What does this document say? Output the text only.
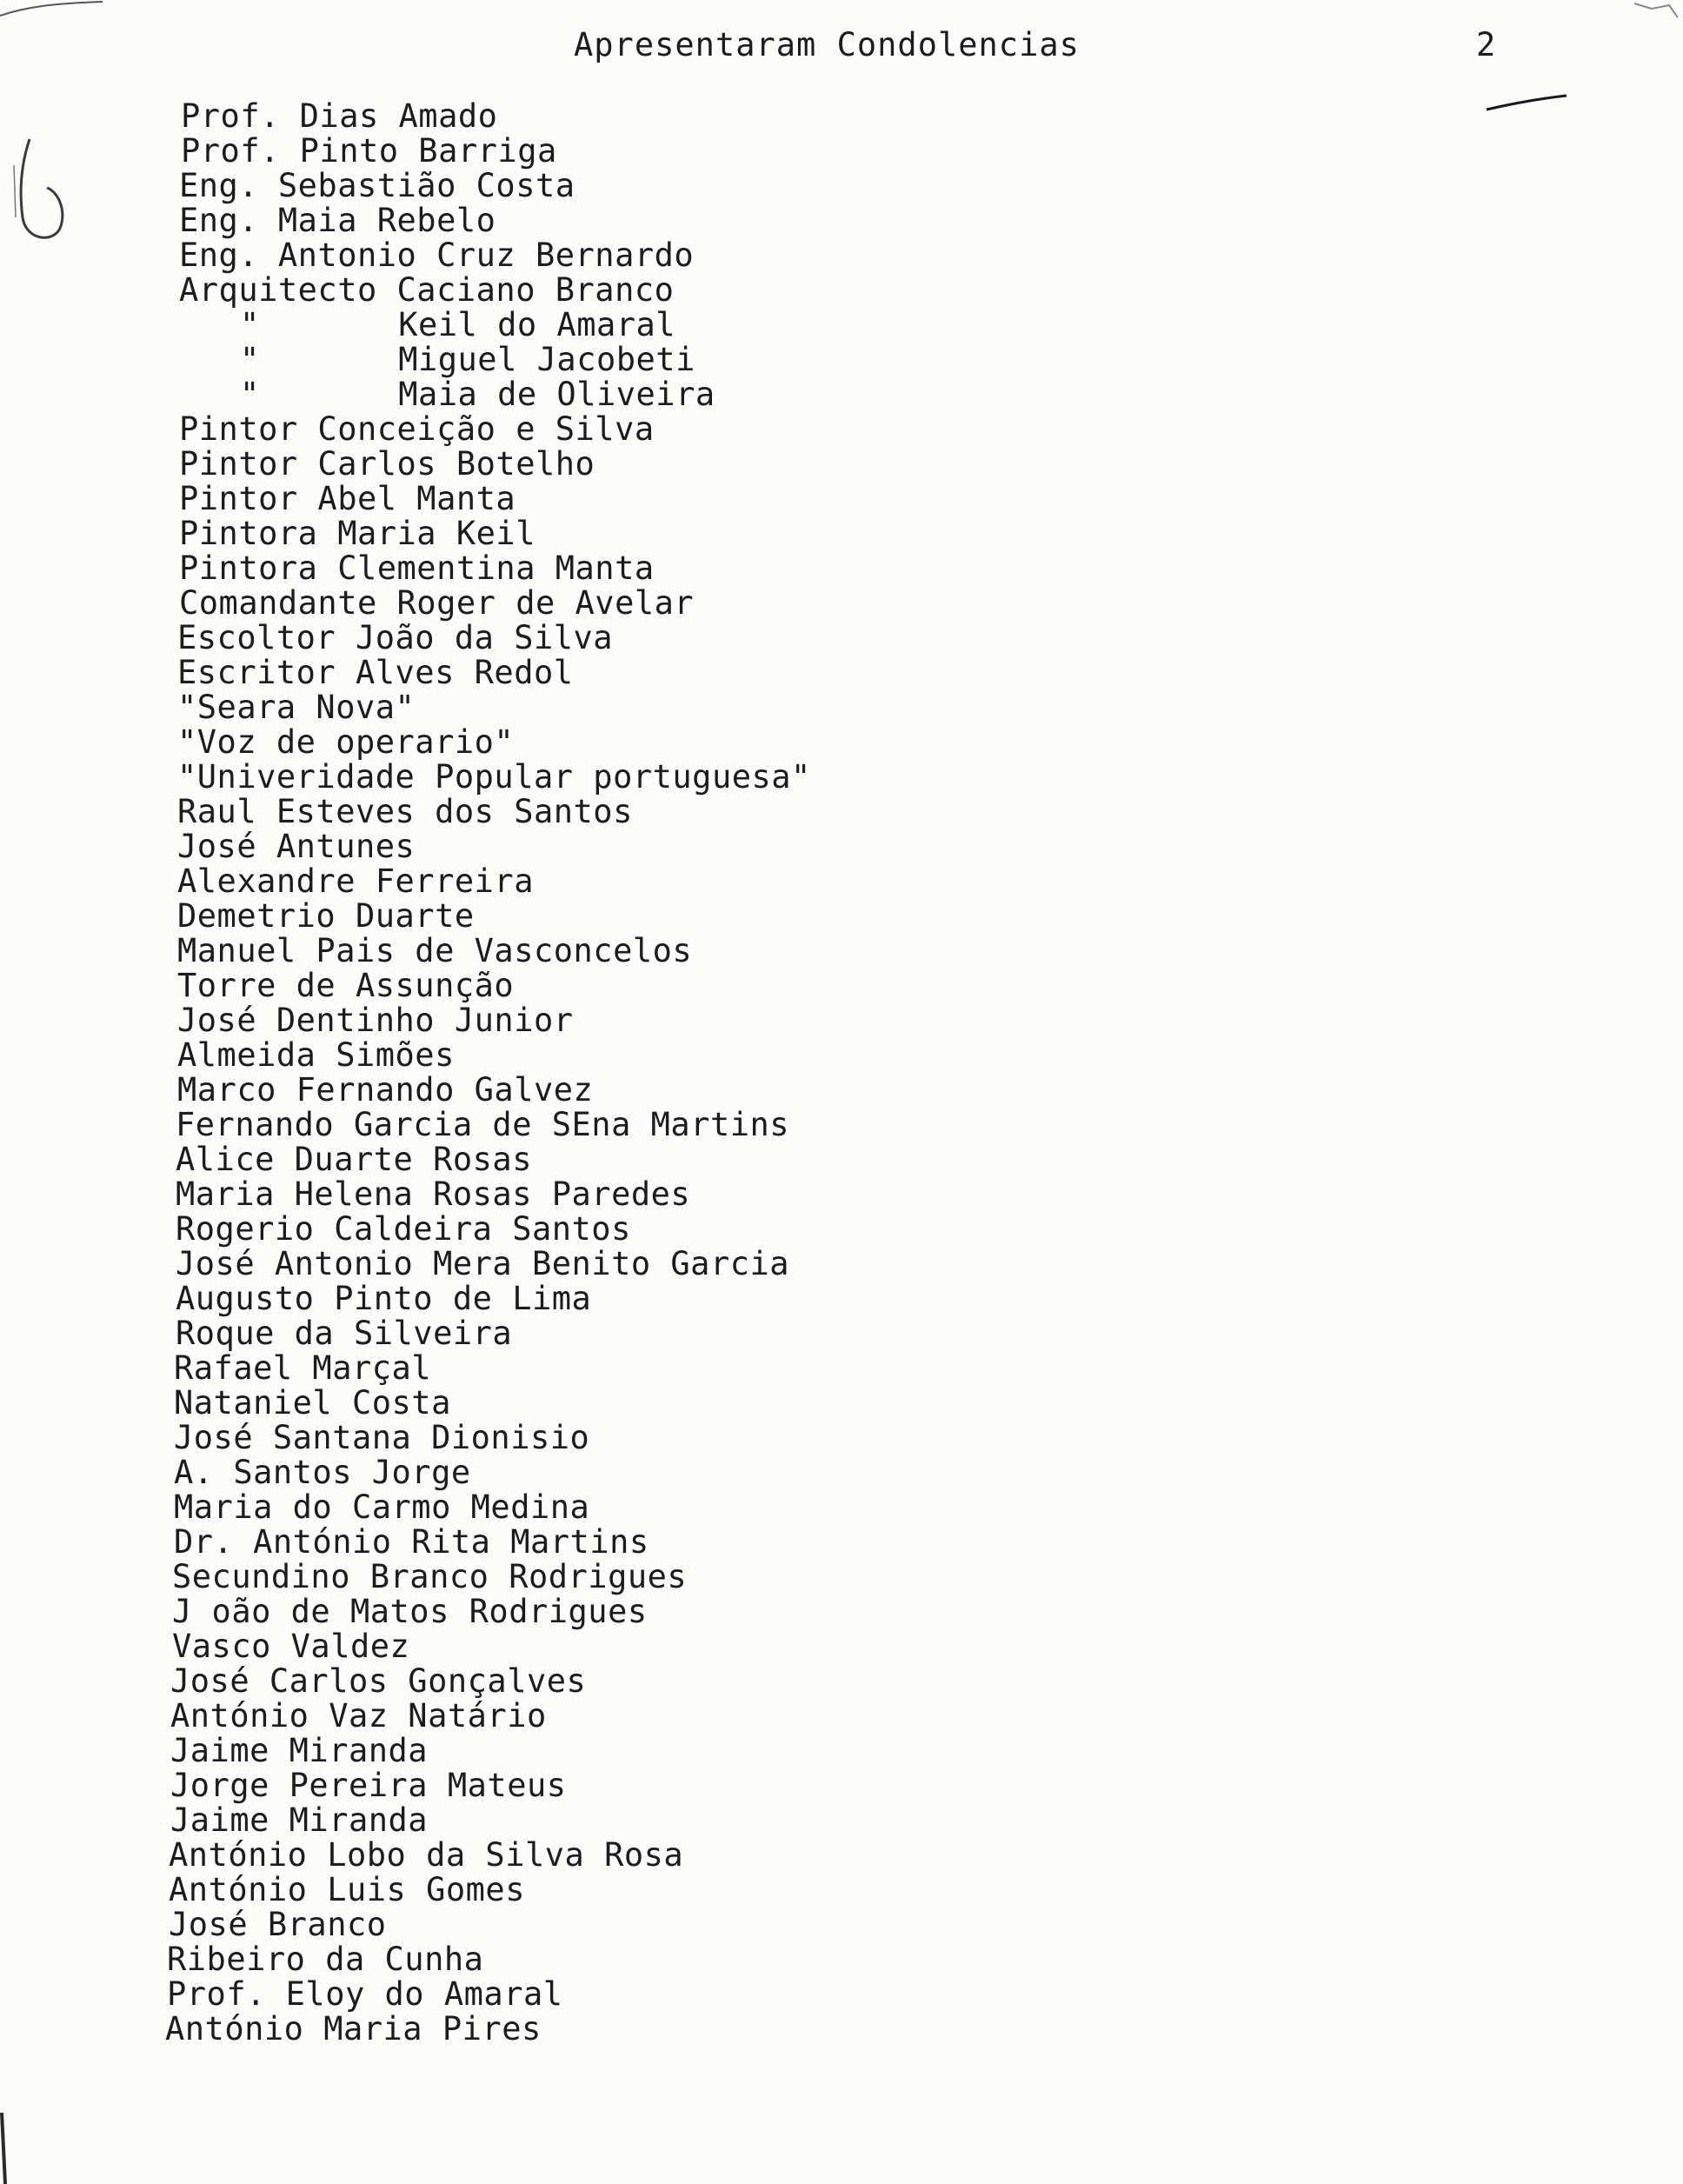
Apresentaram Condolencias	2
Prof. Dias Amado
Prof. Pinto Barriga
Eng. Sebastião Costa
Eng. Maia Rebelo
Eng. Antonio Cruz Bernardo
Arquitecto Caciano Branco
"       Keil do Amaral
"       Miguel Jacobeti
"       Maia de Oliveira
Pintor Conceição e Silva
Pintor Carlos Botelho
Pintor Abel Manta
Pintora Maria Keil
Pintora Clementina Manta
Comandante Roger de Avelar
Escoltor João da Silva
Escritor Alves Redol
"Seara Nova"
"Voz de operario"
"Univeridade Popular portuguesa"
Raul Esteves dos Santos
José Antunes
Alexandre Ferreira
Demetrio Duarte
Manuel Pais de Vasconcelos
Torre de Assunção
José Dentinho Junior
Almeida Simões
Marco Fernando Galvez
Fernando Garcia de SEna Martins
Alice Duarte Rosas
Maria Helena Rosas Paredes
Rogerio Caldeira Santos
José Antonio Mera Benito Garcia
Augusto Pinto de Lima
Roque da Silveira
Rafael Marçal
Nataniel Costa
José Santana Dionisio
A. Santos Jorge
Maria do Carmo Medina
Dr. António Rita Martins
Secundino Branco Rodrigues
J oão de Matos Rodrigues
Vasco Valdez
José Carlos Gonçalves
António Vaz Natário
Jaime Miranda
Jorge Pereira Mateus
Jaime Miranda
António Lobo da Silva Rosa
António Luis Gomes
José Branco
Ribeiro da Cunha
Prof. Eloy do Amaral
António Maria Pires
